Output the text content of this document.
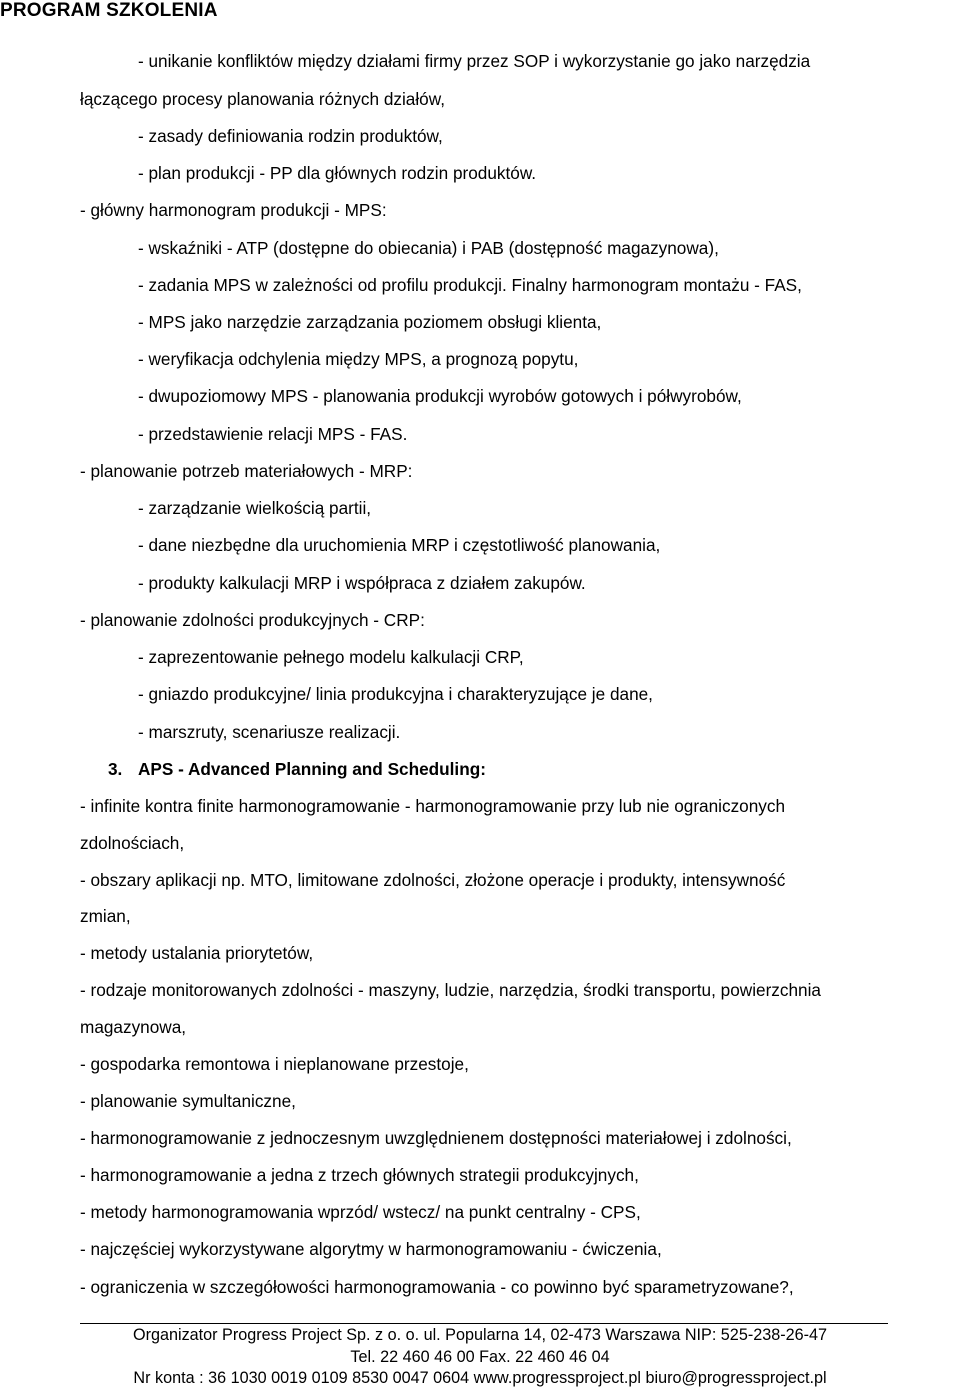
PROGRAM SZKOLENIA
- unikanie konfliktów między działami firmy przez SOP i wykorzystanie go jako narzędzia
łączącego procesy planowania różnych działów,
- zasady definiowania rodzin produktów,
- plan produkcji - PP dla głównych rodzin produktów.
- główny harmonogram produkcji - MPS:
- wskaźniki - ATP (dostępne do obiecania) i PAB (dostępność magazynowa),
- zadania MPS w zależności od profilu produkcji. Finalny harmonogram montażu - FAS,
- MPS jako narzędzie zarządzania poziomem obsługi klienta,
- weryfikacja odchylenia między MPS, a prognozą popytu,
- dwupoziomowy MPS - planowania produkcji wyrobów gotowych i półwyrobów,
- przedstawienie relacji MPS - FAS.
- planowanie potrzeb materiałowych - MRP:
- zarządzanie wielkością partii,
- dane niezbędne dla uruchomienia MRP i częstotliwość planowania,
- produkty kalkulacji MRP i współpraca z działem zakupów.
- planowanie zdolności produkcyjnych - CRP:
- zaprezentowanie pełnego modelu kalkulacji CRP,
- gniazdo produkcyjne/ linia produkcyjna i charakteryzujące je dane,
- marszruty, scenariusze realizacji.
3. APS - Advanced Planning and Scheduling:
- infinite kontra finite harmonogramowanie - harmonogramowanie przy lub nie ograniczonych
zdolnościach,
- obszary aplikacji np. MTO, limitowane zdolności, złożone operacje i produkty, intensywność
zmian,
- metody ustalania priorytetów,
- rodzaje monitorowanych zdolności - maszyny, ludzie, narzędzia, środki transportu, powierzchnia
magazynowa,
- gospodarka remontowa i nieplanowane przestoje,
- planowanie symultaniczne,
- harmonogramowanie z jednoczesnym uwzględnienem dostępności materiałowej i zdolności,
- harmonogramowanie a jedna z trzech głównych strategii produkcyjnych,
- metody harmonogramowania wprzód/ wstecz/ na punkt centralny - CPS,
- najczęściej wykorzystywane algorytmy w harmonogramowaniu - ćwiczenia,
- ograniczenia w szczegółowości harmonogramowania - co powinno być sparametryzowane?,
Organizator Progress Project Sp. z o. o. ul. Popularna 14, 02-473 Warszawa NIP: 525-238-26-47
Tel. 22 460 46 00 Fax. 22 460 46 04
Nr konta : 36 1030 0019 0109 8530 0047 0604 www.progressproject.pl biuro@progressproject.pl
